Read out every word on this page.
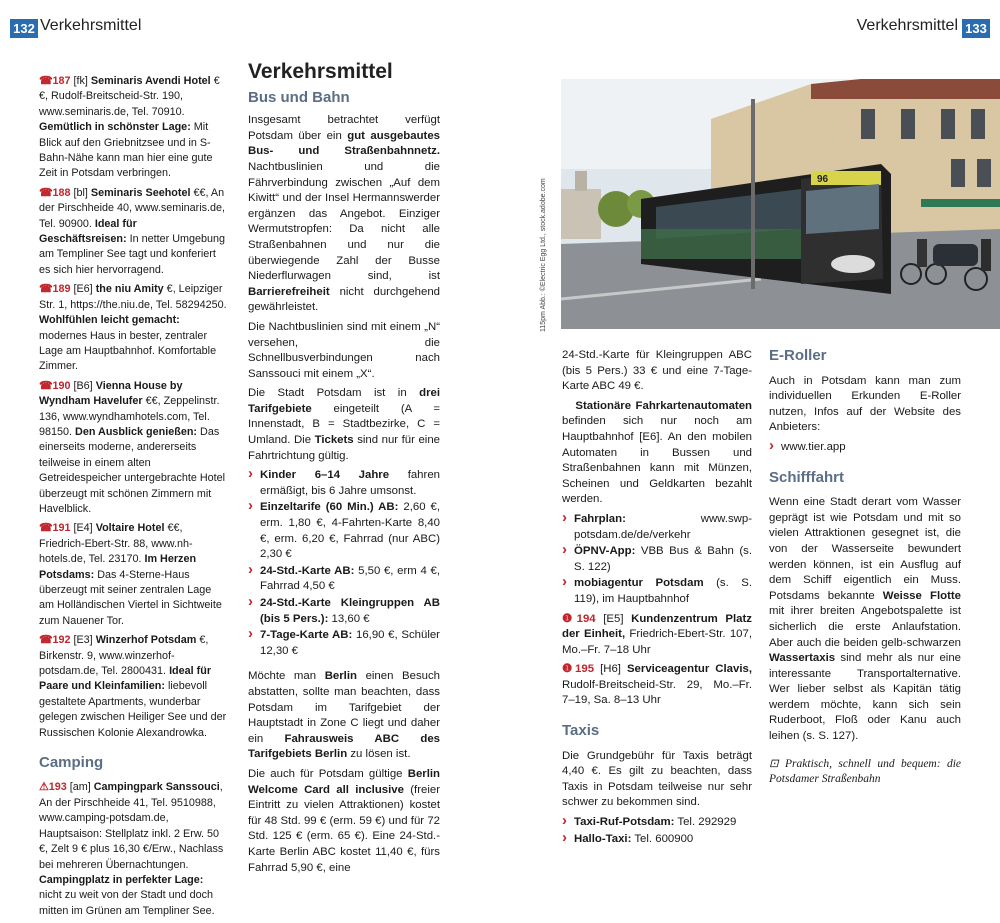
132 Verkehrsmittel

☎187 [fk] Seminaris Avendi Hotel €€, Rudolf-Breitscheid-Str. 190, www.seminaris.de, Tel. 70910. Gemütlich in schönster Lage: Mit Blick auf den Griebnitzsee und in S-Bahn-Nähe kann man hier eine gute Zeit in Potsdam verbringen.

☎188 [bl] Seminaris Seehotel €€, An der Pirschheide 40, www.seminaris.de, Tel. 90900. Ideal für Geschäftsreisen: In netter Umgebung am Templiner See tagt und konferiert es sich hier hervorragend.

☎189 [E6] the niu Amity €, Leipziger Str. 1, https://the.niu.de, Tel. 58294250. Wohlfühlen leicht gemacht: modernes Haus in bester, zentraler Lage am Hauptbahnhof. Komfortable Zimmer.

☎190 [B6] Vienna House by Wyndham Havelufer €€, Zeppelinstr. 136, www.wyndhamhotels.com, Tel. 98150. Den Ausblick genießen: Das einerseits moderne, andererseits teilweise in einem alten Getreidespeicher untergebrachte Hotel überzeugt mit schönen Zimmern mit Havelblick.

☎191 [E4] Voltaire Hotel €€, Friedrich-Ebert-Str. 88, www.nh-hotels.de, Tel. 23170. Im Herzen Potsdams: Das 4-Sterne-Haus überzeugt mit seiner zentralen Lage am Holländischen Viertel in Sichtweite zum Nauener Tor.

☎192 [E3] Winzerhof Potsdam €, Birkenstr. 9, www.winzerhof-potsdam.de, Tel. 2800431. Ideal für Paare und Kleinfamilien: liebevoll gestaltete Apartments, wunderbar gelegen zwischen Heiliger See und der Russischen Kolonie Alexandrowka.

Camping

⚠193 [am] Campingpark Sanssouci, An der Pirschheide 41, Tel. 9510988, www.camping-potsdam.de, Hauptsaison: Stellplatz inkl. 2 Erw. 50 €, Zelt 9 € plus 16,30 €/Erw., Nachlass bei mehreren Übernachtungen. Campingplatz in perfekter Lage: nicht zu weit von der Stadt und doch mitten im Grünen am Templiner See.

Verkehrsmittel
Bus und Bahn

Insgesamt betrachtet verfügt Potsdam über ein gut ausgebautes Bus- und Straßenbahnnetz. Nachtbuslinien und die Fährverbindung zwischen „Auf dem Kiwitt“ und der Insel Hermannswerder ergänzen das Angebot. Einziger Wermutstropfen: Da nicht alle Straßenbahnen und nur die überwiegende Zahl der Busse Niederflurwagen sind, ist Barrierefreiheit nicht durchgehend gewährleistet.

Die Nachtbuslinien sind mit einem „N“ versehen, die Schnellbusverbindungen nach Sanssouci mit einem „X“.

Die Stadt Potsdam ist in drei Tarifgebiete eingeteilt (A = Innenstadt, B = Stadtbezirke, C = Umland. Die Tickets sind nur für eine Fahrtrichtung gültig.

› Kinder 6–14 Jahre fahren ermäßigt, bis 6 Jahre umsonst.
› Einzeltarife (60 Min.) AB: 2,60 €, erm. 1,80 €, 4-Fahrten-Karte 8,40 €, erm. 6,20 €, Fahrrad (nur ABC) 2,30 €
› 24-Std.-Karte AB: 5,50 €, erm 4 €, Fahrrad 4,50 €
› 24-Std.-Karte Kleingruppen AB (bis 5 Pers.): 13,60 €
› 7-Tage-Karte AB: 16,90 €, Schüler 12,30 €

Möchte man Berlin einen Besuch abstatten, sollte man beachten, dass Potsdam im Tarifgebiet der Hauptstadt in Zone C liegt und daher ein Fahrausweis ABC des Tarifgebiets Berlin zu lösen ist.

Die auch für Potsdam gültige Berlin Welcome Card all inclusive (freier Eintritt zu vielen Attraktionen) kostet für 48 Std. 99 € (erm. 59 €) und für 72 Std. 125 € (erm. 65 €). Eine 24-Std.-Karte Berlin ABC kostet 11,40 €, fürs Fahrrad 5,90 €, eine

Verkehrsmittel 133
115pm Abb.: ©Electric Egg Ltd., stock.adobe.com	96

24-Std.-Karte für Kleingruppen ABC (bis 5 Pers.) 33 € und eine 7-Tage-Karte ABC 49 €.

Stationäre Fahrkartenautomaten befinden sich nur noch am Hauptbahnhof [E6]. An den mobilen Automaten in Bussen und Straßenbahnen kann mit Münzen, Scheinen und Geldkarten bezahlt werden.

› Fahrplan:	www.swp-potsdam.de/de/verkehr
› ÖPNV-App: VBB Bus & Bahn (s. S. 122)
› mobiagentur Potsdam (s. S. 119), im Hauptbahnhof

❶194 [E5] Kundenzentrum Platz der Einheit, Friedrich-Ebert-Str. 107, Mo.–Fr. 7–18 Uhr

❶195 [H6] Serviceagentur Clavis, Rudolf-Breitscheid-Str. 29, Mo.–Fr. 7–19, Sa. 8–13 Uhr

Taxis

Die Grundgebühr für Taxis beträgt 4,40 €. Es gilt zu beachten, dass Taxis in Potsdam teilweise nur sehr schwer zu bekommen sind.

› Taxi-Ruf-Potsdam: Tel. 292929
› Hallo-Taxi: Tel. 600900
E-Roller

Auch in Potsdam kann man zum individuellen Erkunden E-Roller nutzen, Infos auf der Website des Anbieters:

› www.tier.app
Schifffahrt

Wenn eine Stadt derart vom Wasser geprägt ist wie Potsdam und mit so vielen Attraktionen gesegnet ist, die von der Wasserseite bewundert werden können, ist ein Ausflug auf dem Schiff eigentlich ein Muss. Potsdams bekannte Weisse Flotte mit ihrer breiten Angebotspalette ist sicherlich die erste Anlaufstation. Aber auch die beiden gelb-schwarzen Wassertaxis sind mehr als nur eine interessante Transportalternative. Wer lieber selbst als Kapitän tätig werdem möchte, kann sich sein Ruderboot, Floß oder Kanu auch leihen (s. S. 127).

⊡ Praktisch, schnell und bequem: die Potsdamer Straßenbahn
